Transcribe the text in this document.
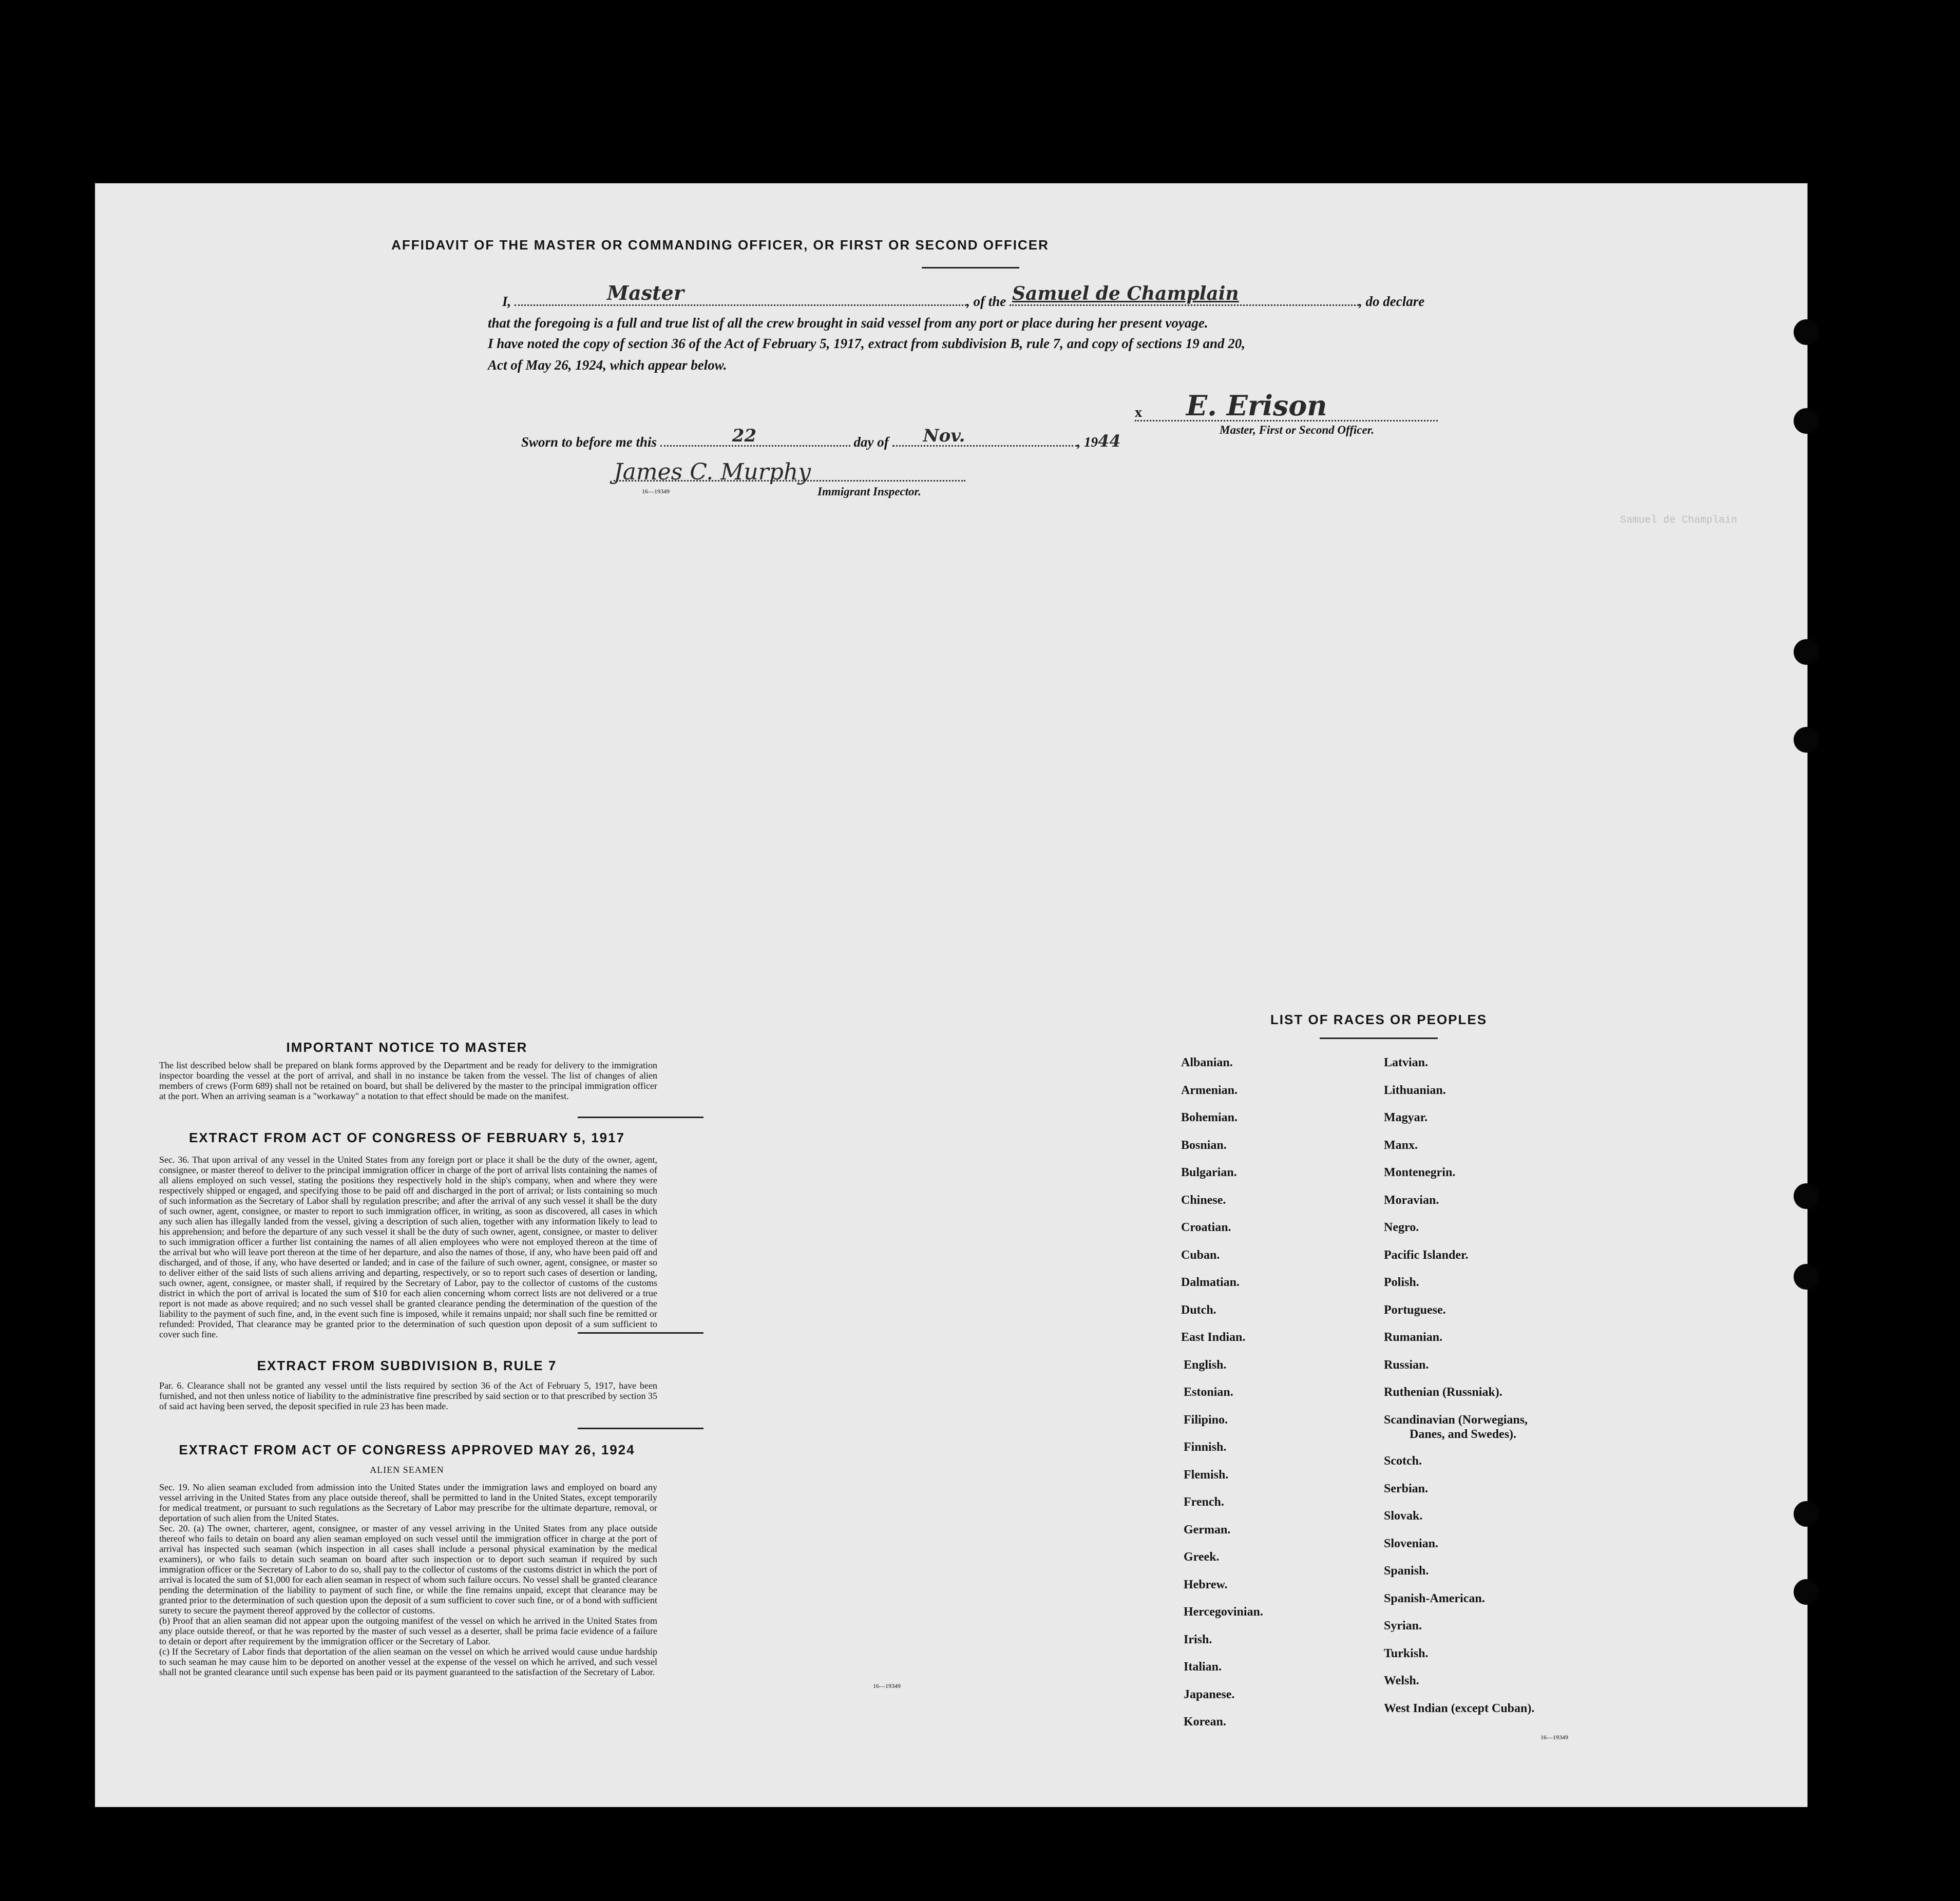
Samuel de Champlain
AFFIDAVIT OF THE MASTER OR COMMANDING OFFICER, OR FIRST OR SECOND OFFICER
I,	Master	, of the Samuel de Champlain	, do declare
that the foregoing is a full and true list of all the crew brought in said vessel from any port or place during her present voyage.
I have noted the copy of section 36 of the Act of February 5, 1917, extract from subdivision B, rule 7, and copy of sections 19 and 20,
Act of May 26, 1924, which appear below.
x E. Erison
Master, First or Second Officer.
Sworn to before me this	22	day of Nov.	, 1944
James C. Murphy
16—19349	Immigrant Inspector.
IMPORTANT NOTICE TO MASTER
The list described below shall be prepared on blank forms approved by the Department and be ready for delivery to the immigration inspector boarding the vessel at the port of arrival, and shall in no instance be taken from the vessel. The list of changes of alien members of crews (Form 689) shall not be retained on board, but shall be delivered by the master to the principal immigration officer at the port. When an arriving seaman is a "workaway" a notation to that effect should be made on the manifest.
EXTRACT FROM ACT OF CONGRESS OF FEBRUARY 5, 1917
Sec. 36. That upon arrival of any vessel in the United States from any foreign port or place it shall be the duty of the owner, agent, consignee, or master thereof to deliver to the principal immigration officer in charge of the port of arrival lists containing the names of all aliens employed on such vessel, stating the positions they respectively hold in the ship's company, when and where they were respectively shipped or engaged, and specifying those to be paid off and discharged in the port of arrival; or lists containing so much of such information as the Secretary of Labor shall by regulation prescribe; and after the arrival of any such vessel it shall be the duty of such owner, agent, consignee, or master to report to such immigration officer, in writing, as soon as discovered, all cases in which any such alien has illegally landed from the vessel, giving a description of such alien, together with any information likely to lead to his apprehension; and before the departure of any such vessel it shall be the duty of such owner, agent, consignee, or master to deliver to such immigration officer a further list containing the names of all alien employees who were not employed thereon at the time of the arrival but who will leave port thereon at the time of her departure, and also the names of those, if any, who have been paid off and discharged, and of those, if any, who have deserted or landed; and in case of the failure of such owner, agent, consignee, or master so to deliver either of the said lists of such aliens arriving and departing, respectively, or so to report such cases of desertion or landing, such owner, agent, consignee, or master shall, if required by the Secretary of Labor, pay to the collector of customs of the customs district in which the port of arrival is located the sum of $10 for each alien concerning whom correct lists are not delivered or a true report is not made as above required; and no such vessel shall be granted clearance pending the determination of the question of the liability to the payment of such fine, and, in the event such fine is imposed, while it remains unpaid; nor shall such fine be remitted or refunded: Provided, That clearance may be granted prior to the determination of such question upon deposit of a sum sufficient to cover such fine.
EXTRACT FROM SUBDIVISION B, RULE 7
Par. 6. Clearance shall not be granted any vessel until the lists required by section 36 of the Act of February 5, 1917, have been furnished, and not then unless notice of liability to the administrative fine prescribed by said section or to that prescribed by section 35 of said act having been served, the deposit specified in rule 23 has been made.
EXTRACT FROM ACT OF CONGRESS APPROVED MAY 26, 1924
ALIEN SEAMEN
Sec. 19. No alien seaman excluded from admission into the United States under the immigration laws and employed on board any vessel arriving in the United States from any place outside thereof, shall be permitted to land in the United States, except temporarily for medical treatment, or pursuant to such regulations as the Secretary of Labor may prescribe for the ultimate departure, removal, or deportation of such alien from the United States.
Sec. 20. (a) The owner, charterer, agent, consignee, or master of any vessel arriving in the United States from any place outside thereof who fails to detain on board any alien seaman employed on such vessel until the immigration officer in charge at the port of arrival has inspected such seaman (which inspection in all cases shall include a personal physical examination by the medical examiners), or who fails to detain such seaman on board after such inspection or to deport such seaman if required by such immigration officer or the Secretary of Labor to do so, shall pay to the collector of customs of the customs district in which the port of arrival is located the sum of $1,000 for each alien seaman in respect of whom such failure occurs. No vessel shall be granted clearance pending the determination of the liability to payment of such fine, or while the fine remains unpaid, except that clearance may be granted prior to the determination of such question upon the deposit of a sum sufficient to cover such fine, or of a bond with sufficient surety to secure the payment thereof approved by the collector of customs.
(b) Proof that an alien seaman did not appear upon the outgoing manifest of the vessel on which he arrived in the United States from any place outside thereof, or that he was reported by the master of such vessel as a deserter, shall be prima facie evidence of a failure to detain or deport after requirement by the immigration officer or the Secretary of Labor.
(c) If the Secretary of Labor finds that deportation of the alien seaman on the vessel on which he arrived would cause undue hardship to such seaman he may cause him to be deported on another vessel at the expense of the vessel on which he arrived, and such vessel shall not be granted clearance until such expense has been paid or its payment guaranteed to the satisfaction of the Secretary of Labor.
16—19349
LIST OF RACES OR PEOPLES
Albanian.
Armenian.
Bohemian.
Bosnian.
Bulgarian.
Chinese.
Croatian.
Cuban.
Dalmatian.
Dutch.
East Indian.
English.
Estonian.
Filipino.
Finnish.
Flemish.
French.
German.
Greek.
Hebrew.
Hercegovinian.
Irish.
Italian.
Japanese.
Korean.
Latvian.
Lithuanian.
Magyar.
Manx.
Montenegrin.
Moravian.
Negro.
Pacific Islander.
Polish.
Portuguese.
Rumanian.
Russian.
Ruthenian (Russniak).
Scandinavian (Norwegians,
Danes, and Swedes).
Scotch.
Serbian.
Slovak.
Slovenian.
Spanish.
Spanish-American.
Syrian.
Turkish.
Welsh.
West Indian (except Cuban).
16—19349
